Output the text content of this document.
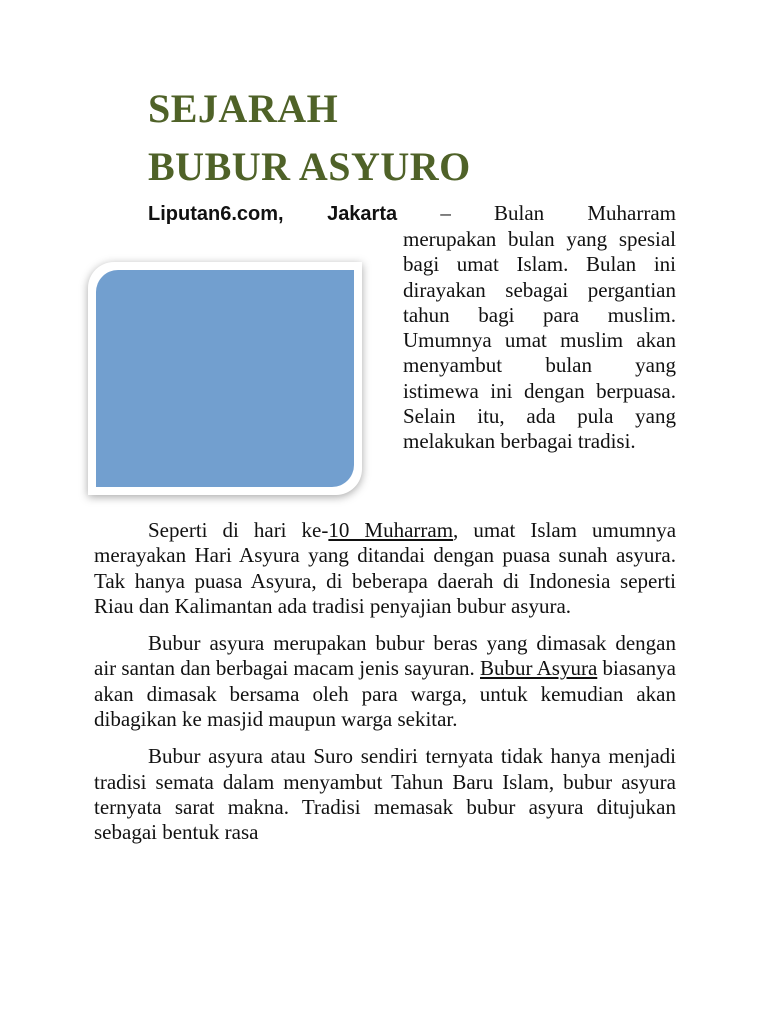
SEJARAH
BUBUR ASYURO
Liputan6.com, Jakarta – Bulan Muharram
merupakan bulan yang spesial bagi umat Islam. Bulan ini dirayakan sebagai pergantian tahun bagi para muslim. Umumnya umat muslim akan menyambut bulan yang istimewa ini dengan berpuasa. Selain itu, ada pula yang melakukan berbagai tradisi.

Seperti di hari ke-10 Muharram, umat Islam umumnya merayakan Hari Asyura yang ditandai dengan puasa sunah asyura. Tak hanya puasa Asyura, di beberapa daerah di Indonesia seperti Riau dan Kalimantan ada tradisi penyajian bubur asyura.

Bubur asyura merupakan bubur beras yang dimasak dengan air santan dan berbagai macam jenis sayuran. Bubur Asyura biasanya akan dimasak bersama oleh para warga, untuk kemudian akan dibagikan ke masjid maupun warga sekitar.

Bubur asyura atau Suro sendiri ternyata tidak hanya menjadi tradisi semata dalam menyambut Tahun Baru Islam, bubur asyura ternyata sarat makna. Tradisi memasak bubur asyura ditujukan sebagai bentuk rasa
